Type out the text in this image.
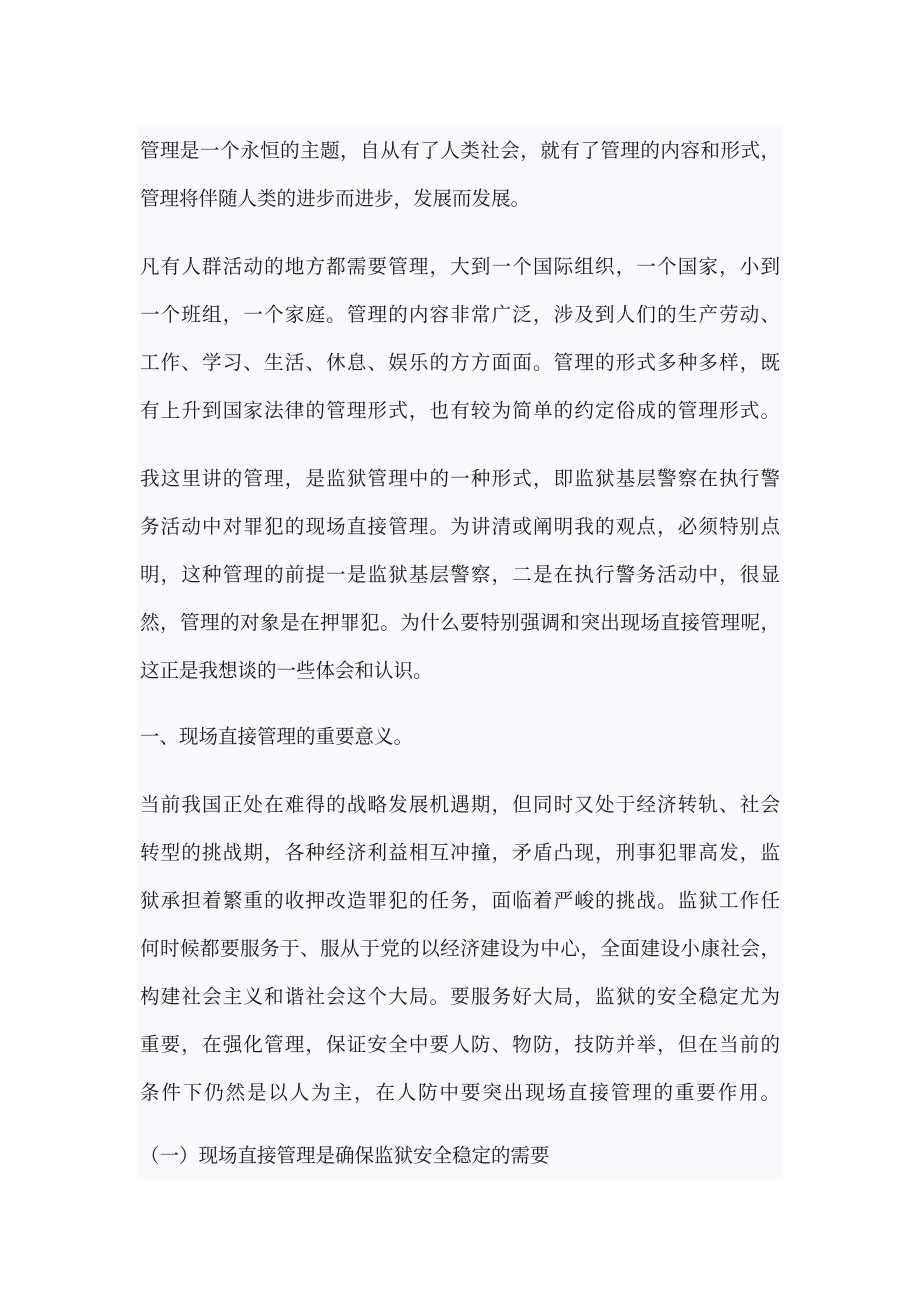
管理是一个永恒的主题，自从有了人类社会，就有了管理的内容和形式，
管理将伴随人类的进步而进步，发展而发展。
凡有人群活动的地方都需要管理，大到一个国际组织，一个国家，小到
一个班组，一个家庭。管理的内容非常广泛，涉及到人们的生产劳动、
工作、学习、生活、休息、娱乐的方方面面。管理的形式多种多样，既
有上升到国家法律的管理形式，也有较为简单的约定俗成的管理形式。
我这里讲的管理，是监狱管理中的一种形式，即监狱基层警察在执行警
务活动中对罪犯的现场直接管理。为讲清或阐明我的观点，必须特别点
明，这种管理的前提一是监狱基层警察，二是在执行警务活动中，很显
然，管理的对象是在押罪犯。为什么要特别强调和突出现场直接管理呢，
这正是我想谈的一些体会和认识。
一、现场直接管理的重要意义。
当前我国正处在难得的战略发展机遇期，但同时又处于经济转轨、社会
转型的挑战期，各种经济利益相互冲撞，矛盾凸现，刑事犯罪高发，监
狱承担着繁重的收押改造罪犯的任务，面临着严峻的挑战。监狱工作任
何时候都要服务于、服从于党的以经济建设为中心，全面建设小康社会，
构建社会主义和谐社会这个大局。要服务好大局，监狱的安全稳定尤为
重要，在强化管理，保证安全中要人防、物防，技防并举，但在当前的
条件下仍然是以人为主，在人防中要突出现场直接管理的重要作用。
（一）现场直接管理是确保监狱安全稳定的需要
